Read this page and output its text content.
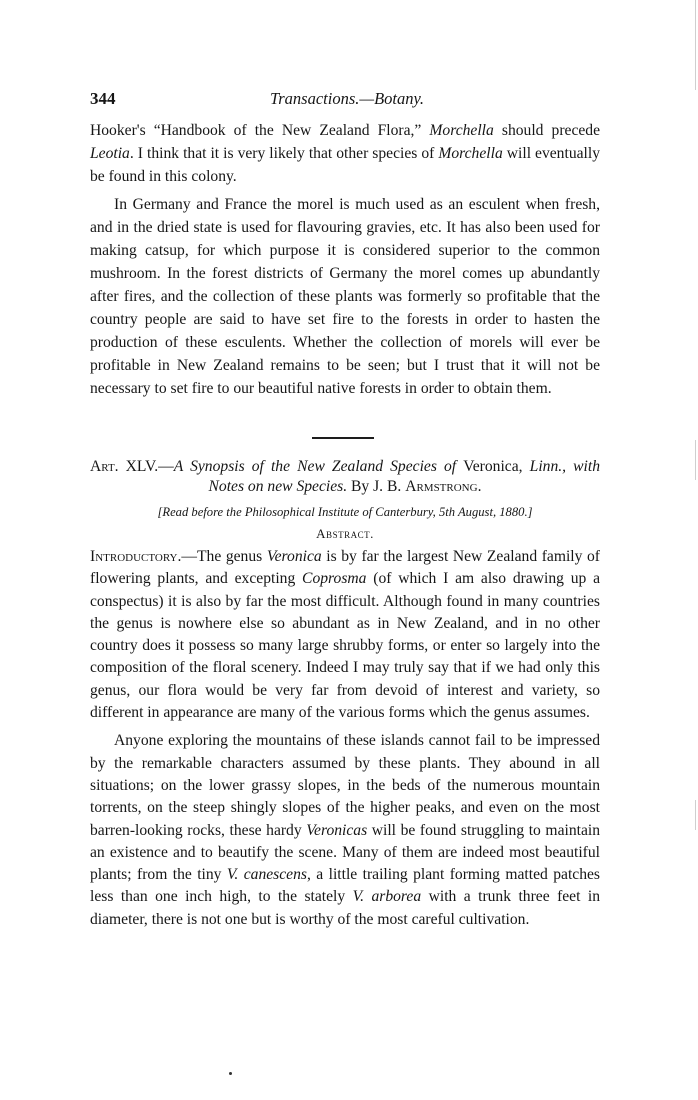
344	Transactions.—Botany.

Hooker's “Handbook of the New Zealand Flora,” Morchella should precede Leotia. I think that it is very likely that other species of Morchella will eventually be found in this colony.

In Germany and France the morel is much used as an esculent when fresh, and in the dried state is used for flavouring gravies, etc. It has also been used for making catsup, for which purpose it is considered superior to the common mushroom. In the forest districts of Germany the morel comes up abundantly after fires, and the collection of these plants was formerly so profitable that the country people are said to have set fire to the forests in order to hasten the production of these esculents. Whether the collection of morels will ever be profitable in New Zealand remains to be seen; but I trust that it will not be necessary to set fire to our beautiful native forests in order to obtain them.

Art. XLV.—A Synopsis of the New Zealand Species of Veronica, Linn., with Notes on new Species. By J. B. Armstrong.

[Read before the Philosophical Institute of Canterbury, 5th August, 1880.]

Abstract.

Introductory.—The genus Veronica is by far the largest New Zealand family of flowering plants, and excepting Coprosma (of which I am also drawing up a conspectus) it is also by far the most difficult. Although found in many countries the genus is nowhere else so abundant as in New Zealand, and in no other country does it possess so many large shrubby forms, or enter so largely into the composition of the floral scenery. Indeed I may truly say that if we had only this genus, our flora would be very far from devoid of interest and variety, so different in appearance are many of the various forms which the genus assumes.

Anyone exploring the mountains of these islands cannot fail to be impressed by the remarkable characters assumed by these plants. They abound in all situations; on the lower grassy slopes, in the beds of the numerous mountain torrents, on the steep shingly slopes of the higher peaks, and even on the most barren-looking rocks, these hardy Veronicas will be found struggling to maintain an existence and to beautify the scene. Many of them are indeed most beautiful plants; from the tiny V. canescens, a little trailing plant forming matted patches less than one inch high, to the stately V. arborea with a trunk three feet in diameter, there is not one but is worthy of the most careful cultivation.
